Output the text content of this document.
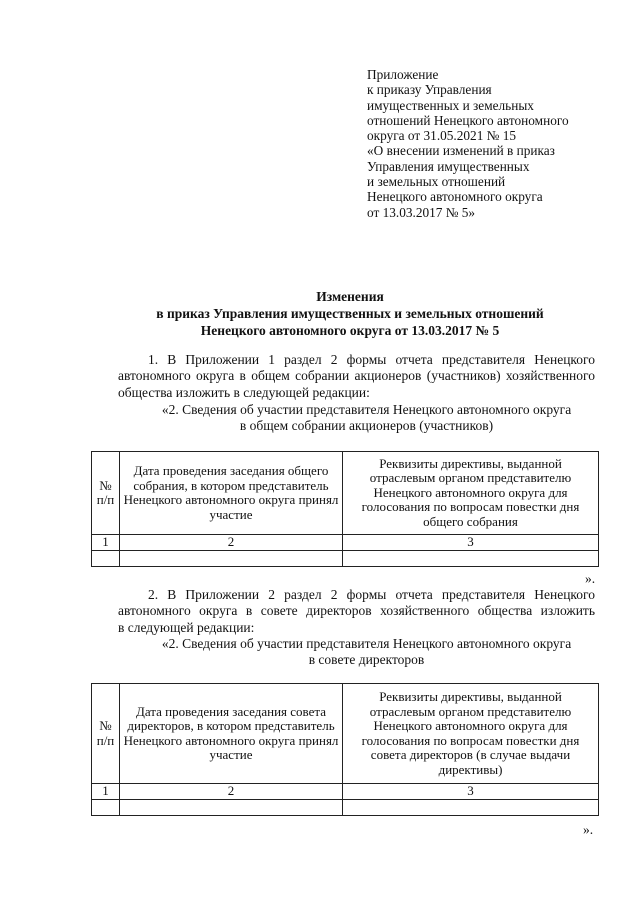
Приложение
к приказу Управления
имущественных и земельных
отношений Ненецкого автономного
округа от 31.05.2021 № 15
«О внесении изменений в приказ
Управления имущественных
и земельных отношений
Ненецкого автономного округа
от 13.03.2017 № 5»
Изменения
в приказ Управления имущественных и земельных отношений
Ненецкого автономного округа от 13.03.2017 № 5
1. В Приложении 1 раздел 2 формы отчета представителя Ненецкого
автономного округа в общем собрании акционеров (участников) хозяйственного
общества изложить в следующей редакции:
«2. Сведения об участии представителя Ненецкого автономного округа
в общем собрании акционеров (участников)
№ п/п	Дата проведения заседания общего собрания, в котором представитель Ненецкого автономного округа принял участие	Реквизиты директивы, выданной отраслевым органом представителю Ненецкого автономного округа для голосования по вопросам повестки дня общего собрания
1	2	3

».
2. В Приложении 2 раздел 2 формы отчета представителя Ненецкого
автономного округа в совете директоров хозяйственного общества изложить
в следующей редакции:
«2. Сведения об участии представителя Ненецкого автономного округа
в совете директоров
№ п/п	Дата проведения заседания совета директоров, в котором представитель Ненецкого автономного округа принял участие	Реквизиты директивы, выданной отраслевым органом представителю Ненецкого автономного округа для голосования по вопросам повестки дня совета директоров (в случае выдачи директивы)
1	2	3

».
